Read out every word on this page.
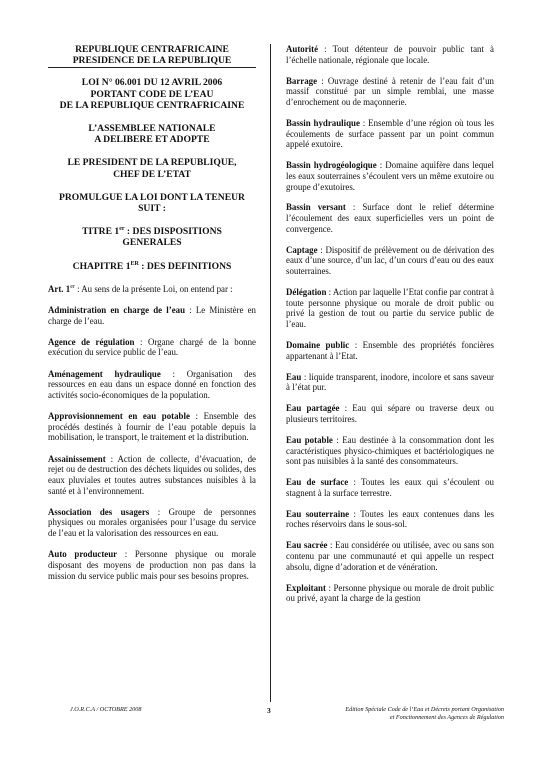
REPUBLIQUE CENTRAFRICAINE

PRESIDENCE DE LA REPUBLIQUE

LOI N° 06.001 DU 12 AVRIL 2006

PORTANT CODE DE L’EAU

DE LA REPUBLIQUE CENTRAFRICAINE

L’ASSEMBLEE NATIONALE

A DELIBERE ET ADOPTE

LE PRESIDENT DE LA REPUBLIQUE,

CHEF DE L’ETAT

PROMULGUE LA LOI DONT LA TENEUR

SUIT :

TITRE 1er : DES DISPOSITIONS

GENERALES

CHAPITRE 1ER : DES DEFINITIONS

Art. 1er : Au sens de la présente Loi, on entend par :

Administration en charge de l’eau : Le Ministère en charge de l’eau.

Agence de régulation : Organe chargé de la bonne exécution du service public de l’eau.

Aménagement hydraulique : Organisation des ressources en eau dans un espace donné en fonction des activités socio-économiques de la population.

Approvisionnement en eau potable : Ensemble des procédés destinés à fournir de l’eau potable depuis la mobilisation, le transport, le traitement et la distribution.

Assainissement : Action de collecte, d’évacuation, de rejet ou de destruction des déchets liquides ou solides, des eaux pluviales et toutes autres substances nuisibles à la santé et à l’environnement.

Association des usagers : Groupe de personnes physiques ou morales organisées pour l’usage du service de l’eau et la valorisation des ressources en eau.

Auto producteur : Personne physique ou morale disposant des moyens de production non pas dans la mission du service public mais pour ses besoins propres.

Autorité : Tout détenteur de pouvoir public tant à l’échelle nationale, régionale que locale.

Barrage : Ouvrage destiné à retenir de l’eau fait d’un massif constitué par un simple remblai, une masse d’enrochement ou de maçonnerie.

Bassin hydraulique : Ensemble d’une région où tous les écoulements de surface passent par un point commun appelé exutoire.

Bassin hydrogéologique : Domaine aquifère dans lequel les eaux souterraines s’écoulent vers un même exutoire ou groupe d’exutoires.

Bassin versant : Surface dont le relief détermine l’écoulement des eaux superficielles vers un point de convergence.

Captage : Dispositif de prélèvement ou de dérivation des eaux d’une source, d’un lac, d’un cours d’eau ou des eaux souterraines.

Délégation : Action par laquelle l’Etat confie par contrat à toute personne physique ou morale de droit public ou privé la gestion de tout ou partie du service public de l’eau.

Domaine public : Ensemble des propriétés foncières appartenant à l’Etat.

Eau : liquide transparent, inodore, incolore et sans saveur à l’état pur.

Eau partagée : Eau qui sépare ou traverse deux ou plusieurs territoires.

Eau potable : Eau destinée à la consommation dont les caractéristiques physico-chimiques et bactériologiques ne sont pas nuisibles à la santé des consommateurs.

Eau de surface : Toutes les eaux qui s’écoulent ou stagnent à la surface terrestre.

Eau souterraine : Toutes les eaux contenues dans les roches réservoirs dans le sous-sol.

Eau sacrée : Eau considérée ou utilisée, avec ou sans son contenu par une communauté et qui appelle un respect absolu, digne d’adoration et de vénération.

Exploitant : Personne physique ou morale de droit public ou privé, ayant la charge de la gestion

J.O.R.C.A / OCTOBRE 2008	3	Edition Spéciale Code de l’Eau et Décrets portant Organisation
et Fonctionnement des Agences de Régulation
